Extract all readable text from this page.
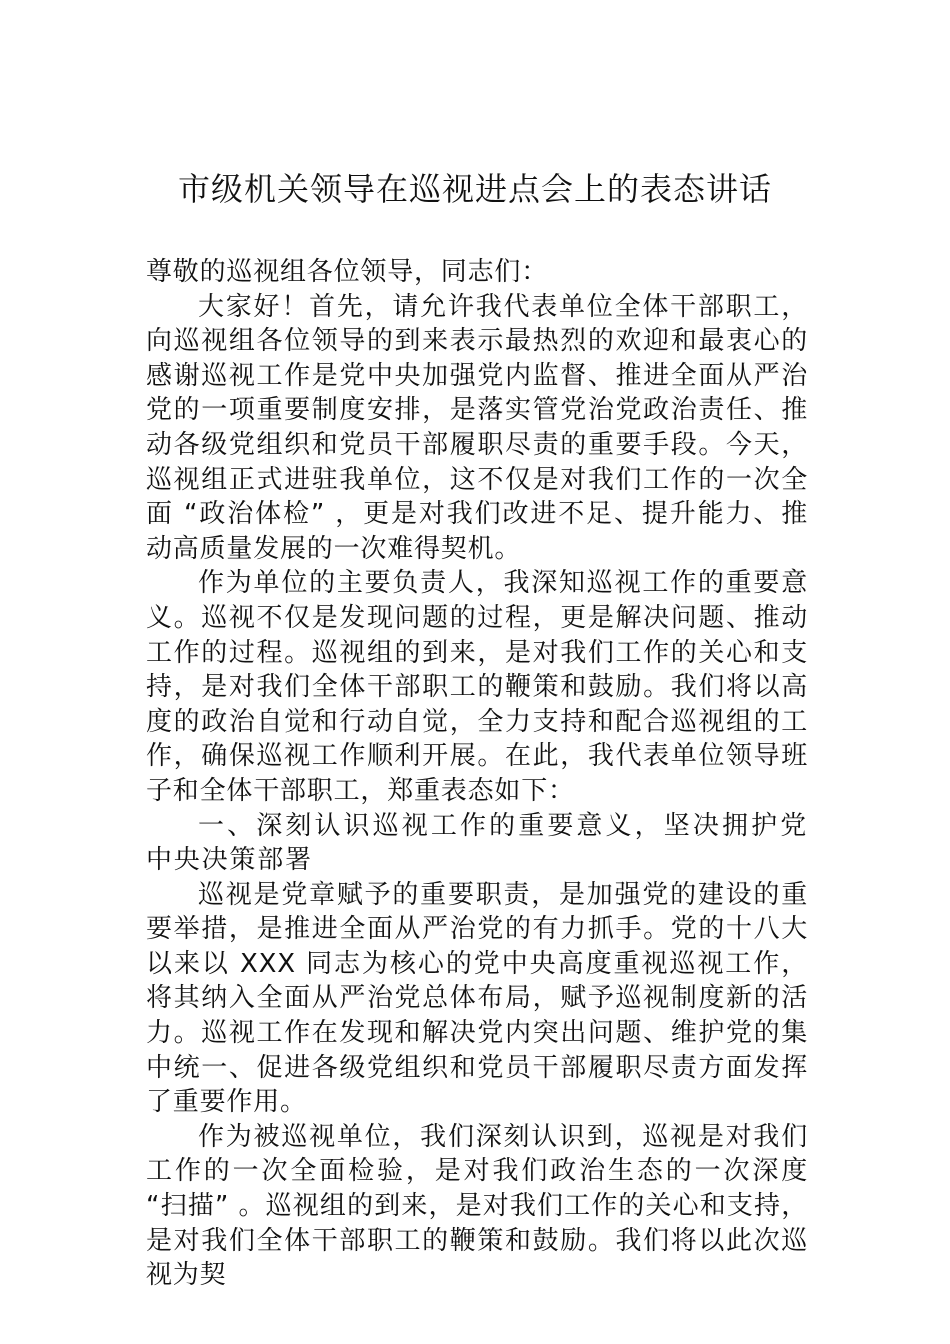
市级机关领导在巡视进点会上的表态讲话

尊敬的巡视组各位领导，同志们：

大家好！首先，请允许我代表单位全体干部职工，向巡视组各位领导的到来表示最热烈的欢迎和最衷心的感谢巡视工作是党中央加强党内监督、推进全面从严治党的一项重要制度安排，是落实管党治党政治责任、推动各级党组织和党员干部履职尽责的重要手段。今天，巡视组正式进驻我单位，这不仅是对我们工作的一次全面 “政治体检” ，更是对我们改进不足、提升能力、推动高质量发展的一次难得契机。

作为单位的主要负责人，我深知巡视工作的重要意义。巡视不仅是发现问题的过程，更是解决问题、推动工作的过程。巡视组的到来，是对我们工作的关心和支持，是对我们全体干部职工的鞭策和鼓励。我们将以高度的政治自觉和行动自觉，全力支持和配合巡视组的工作，确保巡视工作顺利开展。在此，我代表单位领导班子和全体干部职工，郑重表态如下：

一、深刻认识巡视工作的重要意义，坚决拥护党中央决策部署

巡视是党章赋予的重要职责，是加强党的建设的重要举措，是推进全面从严治党的有力抓手。党的十八大以来以 XXX 同志为核心的党中央高度重视巡视工作，将其纳入全面从严治党总体布局，赋予巡视制度新的活力。巡视工作在发现和解决党内突出问题、维护党的集中统一、促进各级党组织和党员干部履职尽责方面发挥了重要作用。

作为被巡视单位，我们深刻认识到，巡视是对我们工作的一次全面检验，是对我们政治生态的一次深度 “扫描” 。巡视组的到来，是对我们工作的关心和支持，是对我们全体干部职工的鞭策和鼓励。我们将以此次巡视为契
